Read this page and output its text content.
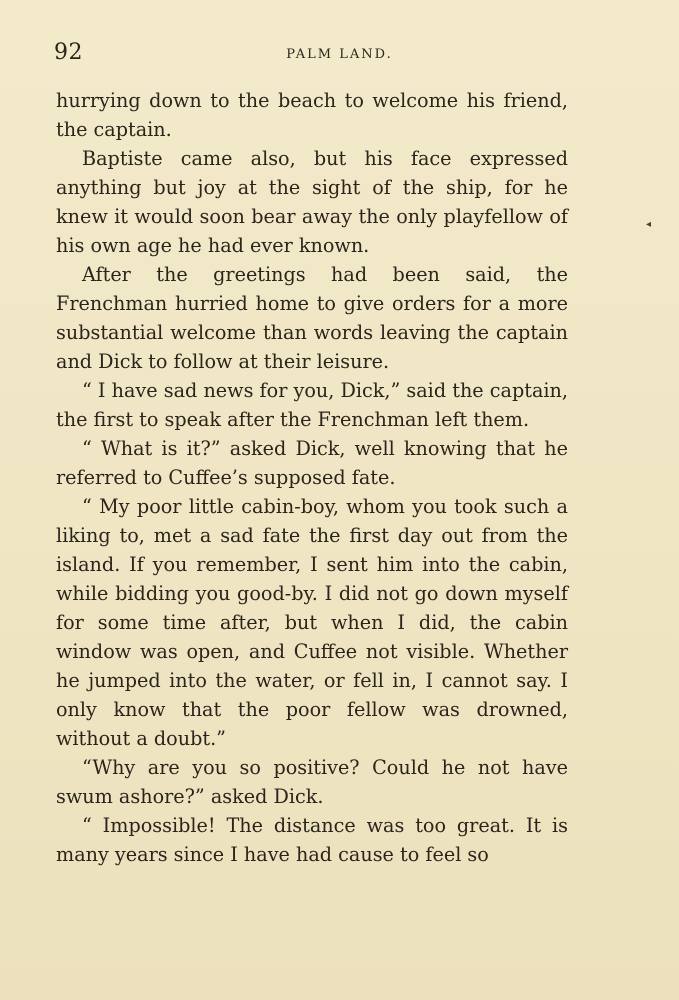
92	PALM LAND.

hurrying down to the beach to welcome his friend, the captain.

Baptiste came also, but his face expressed anything but joy at the sight of the ship, for he knew it would soon bear away the only playfellow of his own age he had ever known.

After the greetings had been said, the Frenchman hurried home to give orders for a more substantial welcome than words leaving the captain and Dick to follow at their leisure.

“ I have sad news for you, Dick,” said the captain, the first to speak after the Frenchman left them.

“ What is it?” asked Dick, well knowing that he referred to Cuffee’s supposed fate.

“ My poor little cabin-boy, whom you took such a liking to, met a sad fate the first day out from the island. If you remember, I sent him into the cabin, while bidding you good-by. I did not go down myself for some time after, but when I did, the cabin window was open, and Cuffee not visible. Whether he jumped into the water, or fell in, I cannot say. I only know that the poor fellow was drowned, without a doubt.”

“Why are you so positive? Could he not have swum ashore?” asked Dick.

“ Impossible! The distance was too great. It is many years since I have had cause to feel so

◂
